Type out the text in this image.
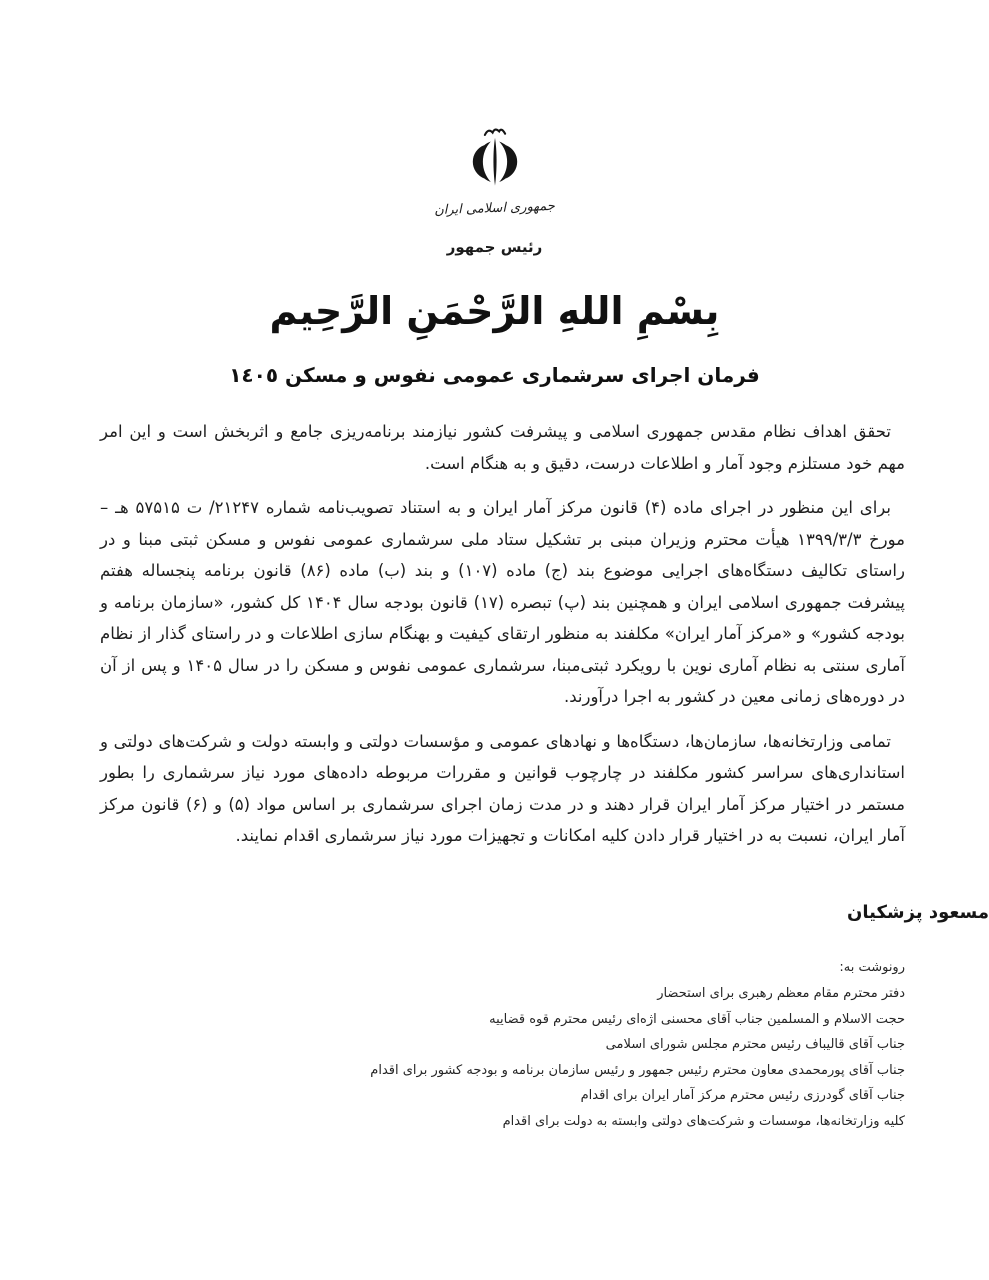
جمهوری اسلامی ایران
رئیس جمهور
بِسْمِ اللهِ الرَّحْمَنِ الرَّحِيم
فرمان اجرای سرشماری عمومی نفوس و مسکن ١٤٠٥

تحقق اهداف نظام مقدس جمهوری اسلامی و پیشرفت کشور نیازمند برنامه‌ریزی جامع و اثربخش است و این امر مهم خود مستلزم وجود آمار و اطلاعات درست، دقیق و به هنگام است.

برای این منظور در اجرای ماده (۴) قانون مرکز آمار ایران و به استناد تصویب‌نامه شماره ۲۱۲۴۷/ ت ۵۷۵۱۵ هـ – مورخ ۱۳۹۹/۳/۳ هیأت محترم وزیران مبنی بر تشکیل ستاد ملی سرشماری عمومی نفوس و مسکن ثبتی مبنا و در راستای تکالیف دستگاه‌های اجرایی موضوع بند (ج) ماده (۱۰۷) و بند (ب) ماده (۸۶) قانون برنامه پنجساله هفتم پیشرفت جمهوری اسلامی ایران و همچنین بند (پ) تبصره (۱۷) قانون بودجه سال ۱۴۰۴ کل کشور، «سازمان برنامه و بودجه کشور» و «مرکز آمار ایران» مکلفند به منظور ارتقای کیفیت و بهنگام سازی اطلاعات و در راستای گذار از نظام آماری سنتی به نظام آماری نوین با رویکرد ثبتی‌مبنا، سرشماری عمومی نفوس و مسکن را در سال ۱۴۰۵ و پس از آن در دوره‌های زمانی معین در کشور به اجرا درآورند.

تمامی وزارتخانه‌ها، سازمان‌ها، دستگاه‌ها و نهادهای عمومی و مؤسسات دولتی و وابسته دولت و شرکت‌های دولتی و استانداری‌های سراسر کشور مکلفند در چارچوب قوانین و مقررات مربوطه داده‌های مورد نیاز سرشماری را بطور مستمر در اختیار مرکز آمار ایران قرار دهند و در مدت زمان اجرای سرشماری بر اساس مواد (۵) و (۶) قانون مرکز آمار ایران، نسبت به در اختیار قرار دادن کلیه امکانات و تجهیزات مورد نیاز سرشماری اقدام نمایند.

مسعود پزشکیان
رونوشت به:
دفتر محترم مقام معظم رهبری برای استحضار
حجت الاسلام و المسلمین جناب آقای محسنی اژه‌ای رئیس محترم قوه قضاییه
جناب آقای قالیباف رئیس محترم مجلس شورای اسلامی
جناب آقای پورمحمدی معاون محترم رئیس جمهور و رئیس سازمان برنامه و بودجه کشور برای اقدام
جناب آقای گودرزی رئیس محترم مرکز آمار ایران برای اقدام
کلیه وزارتخانه‌ها، موسسات و شرکت‌های دولتی وابسته به دولت برای اقدام
